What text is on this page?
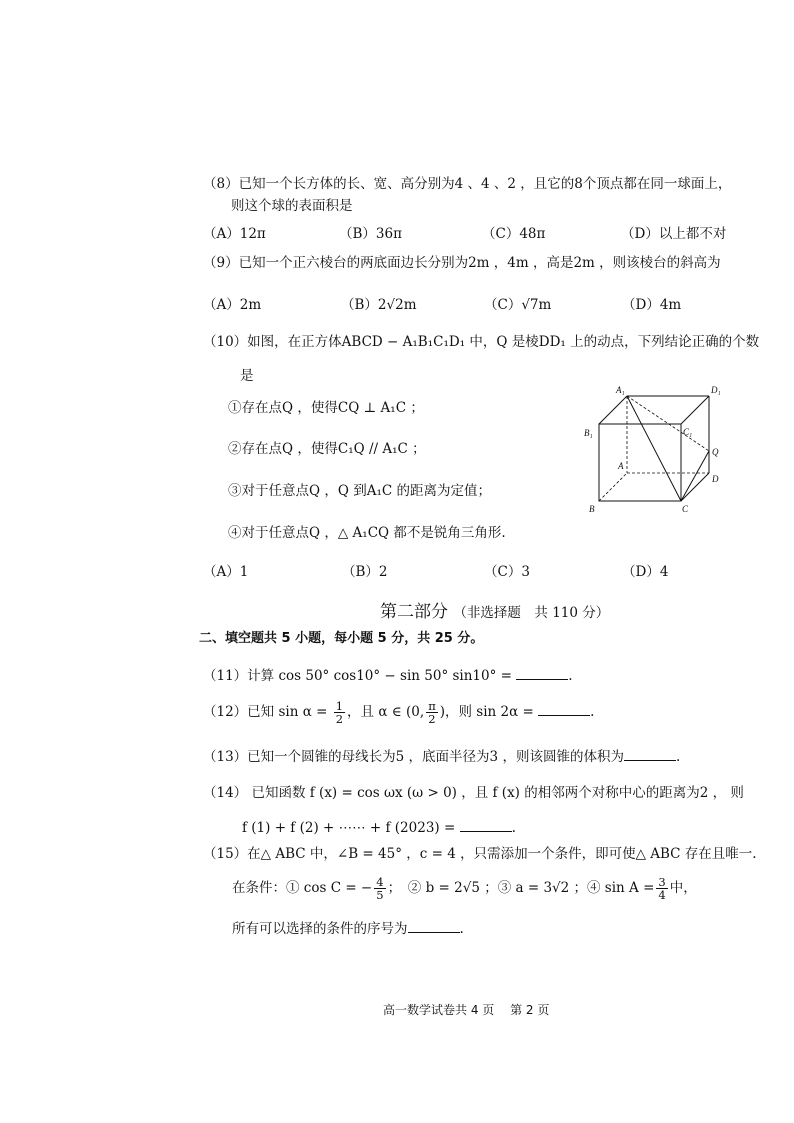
（8）已知一个长方体的长、宽、高分别为4 、4 、2 ，且它的8个顶点都在同一球面上，
则这个球的表面积是
（A）12π	（B）36π	（C）48π	（D）以上都不对
（9）已知一个正六棱台的两底面边长分别为2m ，4m ，高是2m ，则该棱台的斜高为
（A）2m	（B）2√2m	（C）√7m	（D）4m
（10）如图，在正方体ABCD − A₁B₁C₁D₁ 中，Q 是棱DD₁ 上的动点，下列结论正确的个数
是
①存在点Q ，使得CQ ⊥ A₁C ；
②存在点Q ，使得C₁Q // A₁C ；
③对于任意点Q ，Q 到A₁C 的距离为定值；
④对于任意点Q ，△ A₁CQ 都不是锐角三角形.
A₁	D₁
B₁	C₁
A
Q
D
B	C
（A）1	（B）2	（C）3	（D）4
第二部分 （非选择题　共 110 分）
二、填空题共 5 小题，每小题 5 分，共 25 分。
（11）计算 cos 50° cos10° − sin 50° sin10° =	.
（12）已知 $\sin \alpha = \frac{1}{2}$ ，且 α ∈ (0, $\frac{\pi}{2}$ )，则 sin 2α =	.
（13）已知一个圆锥的母线长为5 ，底面半径为3 ，则该圆锥的体积为	.
（14） 已知函数 f (x) = cos ωx (ω > 0) ，且 f (x) 的相邻两个对称中心的距离为2 ， 则
f (1) + f (2) + ⋯⋯ + f (2023) =	.
（15）在△ ABC 中，∠B = 45° ，c = 4 ，只需添加一个条件，即可使△ ABC 存在且唯一.
在条件：① cos C = − $\frac{4}{5}$ ；　② b = 2√5 ；③ a = 3√2 ；④ $\sin A = \frac{3}{4}$ 中，
所有可以选择的条件的序号为	.
高一数学试卷共 4 页　 第 2 页
